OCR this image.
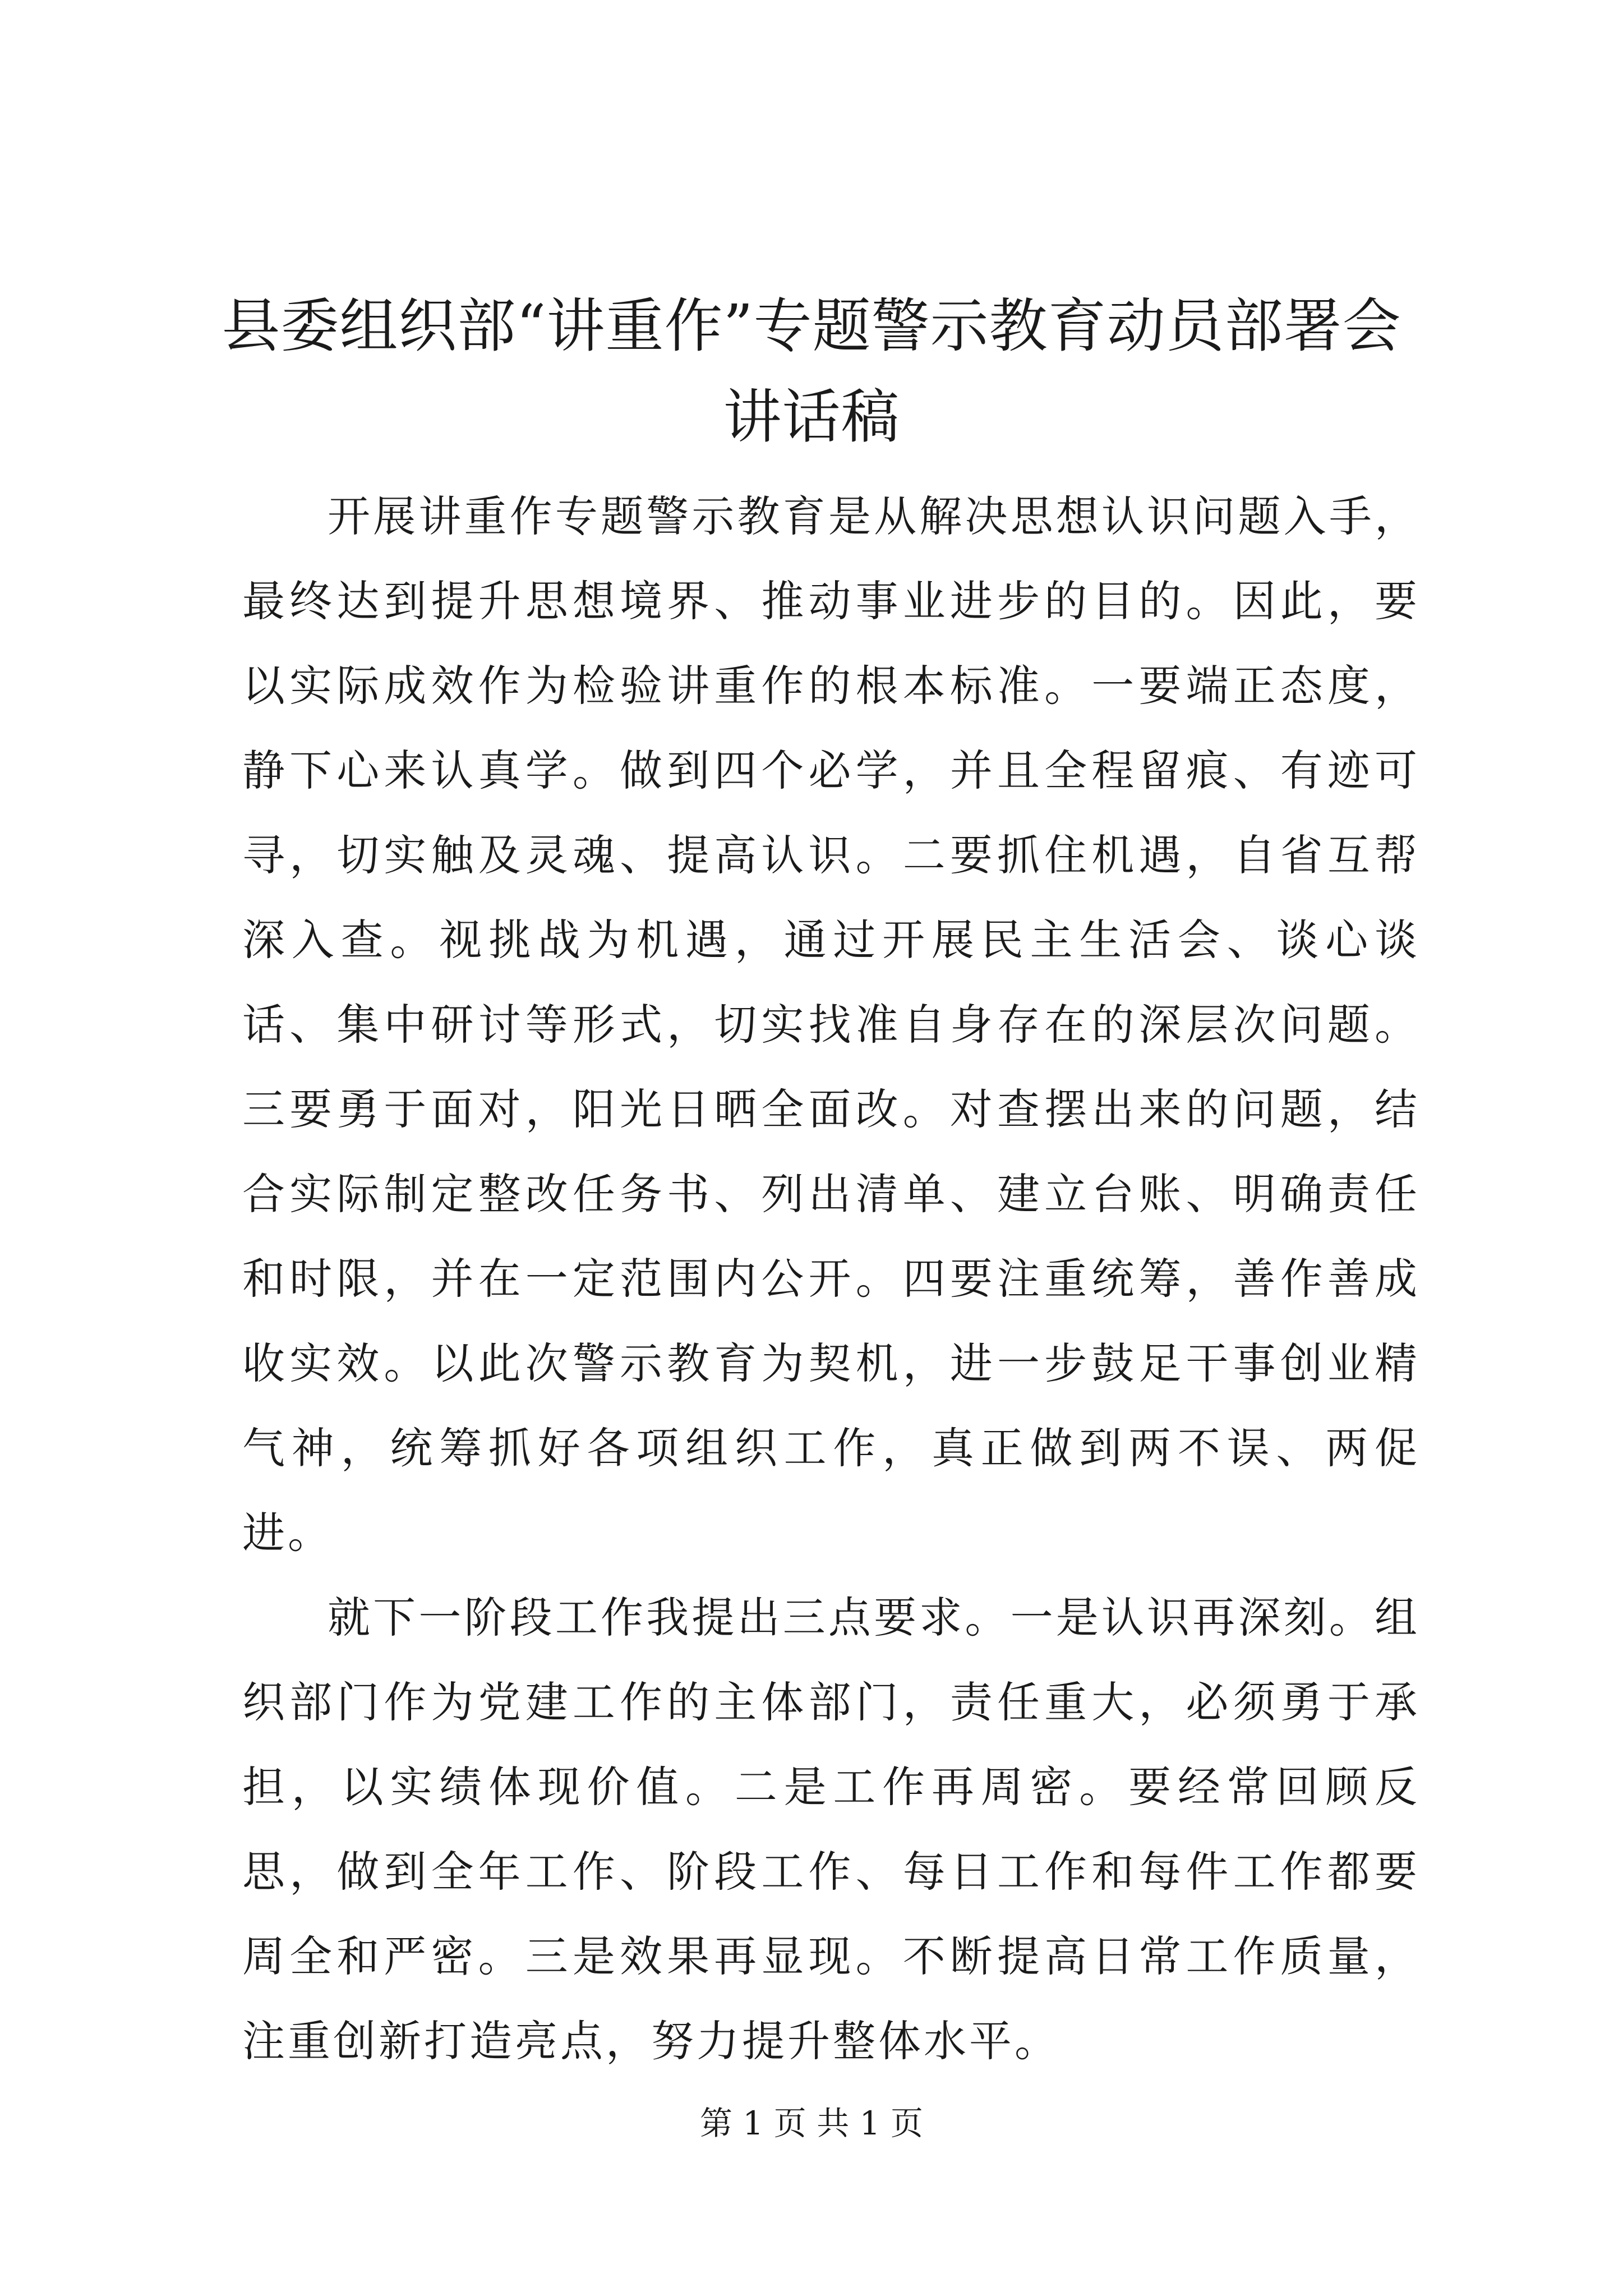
县委组织部“讲重作”专题警示教育动员部署会讲话稿

开展讲重作专题警示教育是从解决思想认识问题入手，最终达到提升思想境界、推动事业进步的目的。因此，要以实际成效作为检验讲重作的根本标准。一要端正态度，静下心来认真学。做到四个必学，并且全程留痕、有迹可寻，切实触及灵魂、提高认识。二要抓住机遇，自省互帮深入查。视挑战为机遇，通过开展民主生活会、谈心谈话、集中研讨等形式，切实找准自身存在的深层次问题。三要勇于面对，阳光日晒全面改。对查摆出来的问题，结合实际制定整改任务书、列出清单、建立台账、明确责任和时限，并在一定范围内公开。四要注重统筹，善作善成收实效。以此次警示教育为契机，进一步鼓足干事创业精气神，统筹抓好各项组织工作，真正做到两不误、两促进。

就下一阶段工作我提出三点要求。一是认识再深刻。组织部门作为党建工作的主体部门，责任重大，必须勇于承担，以实绩体现价值。二是工作再周密。要经常回顾反思，做到全年工作、阶段工作、每日工作和每件工作都要周全和严密。三是效果再显现。不断提高日常工作质量，注重创新打造亮点，努力提升整体水平。

第 1 页 共 1 页
